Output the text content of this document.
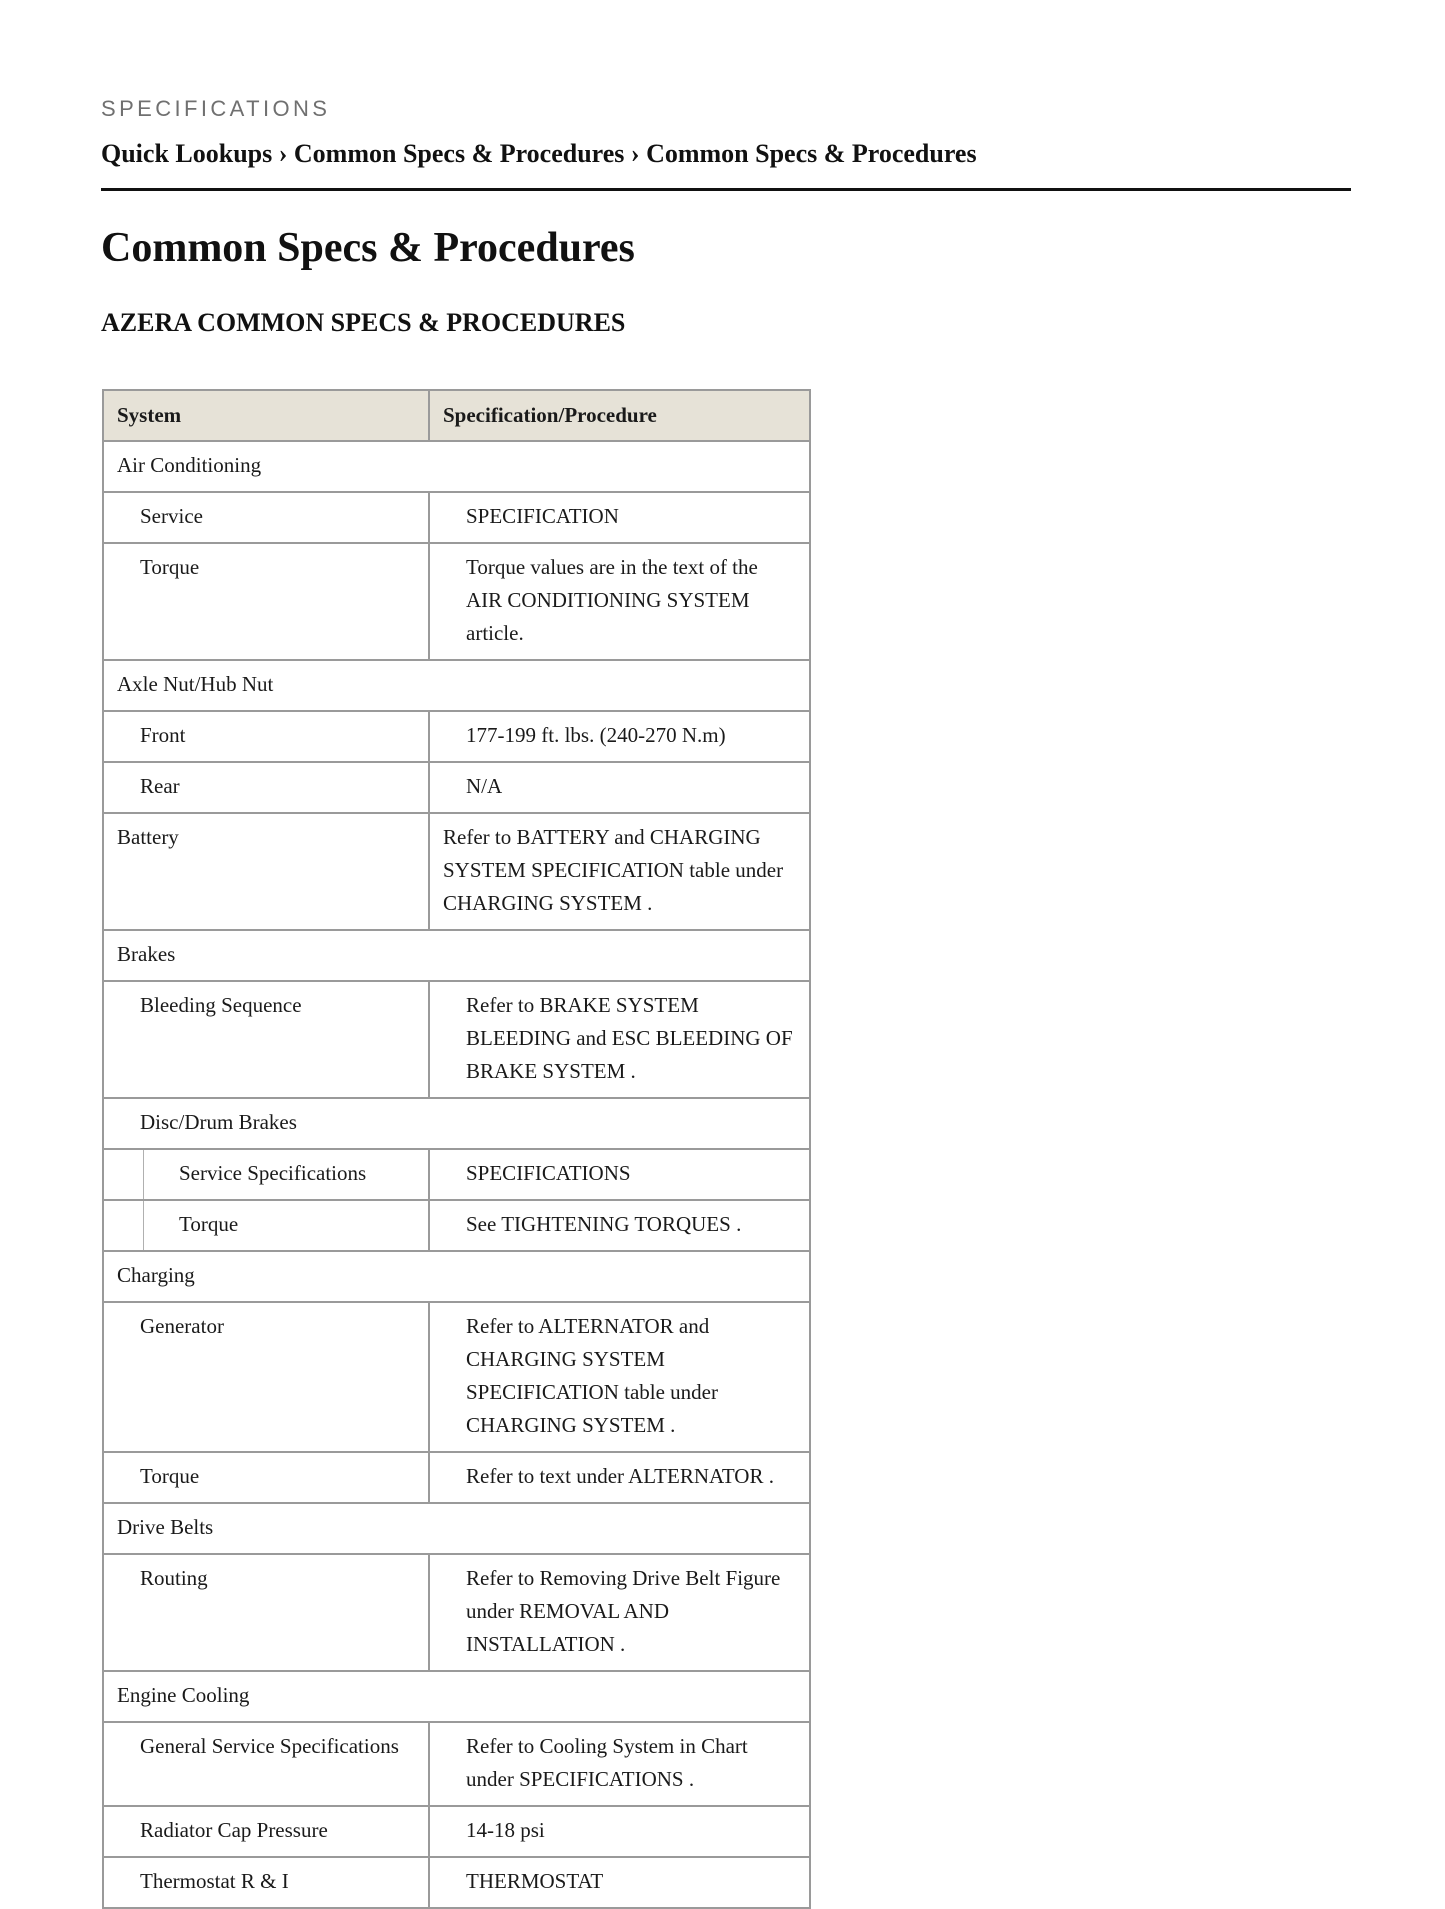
SPECIFICATIONS
Quick Lookups › Common Specs & Procedures › Common Specs & Procedures
Common Specs & Procedures
AZERA COMMON SPECS & PROCEDURES
System	Specification/Procedure
Air Conditioning	
Service	SPECIFICATION
Torque	Torque values are in the text of the AIR CONDITIONING SYSTEM article.
Axle Nut/Hub Nut	
Front	177-199 ft. lbs. (240-270 N.m)
Rear	N/A
Battery	Refer to BATTERY and CHARGING SYSTEM SPECIFICATION table under CHARGING SYSTEM .
Brakes	
Bleeding Sequence	Refer to BRAKE SYSTEM BLEEDING and ESC BLEEDING OF BRAKE SYSTEM .
Disc/Drum Brakes	

Service Specifications	SPECIFICATIONS

Torque	See TIGHTENING TORQUES .
Charging	
Generator	Refer to ALTERNATOR and CHARGING SYSTEM SPECIFICATION table under CHARGING SYSTEM .
Torque	Refer to text under ALTERNATOR .
Drive Belts	
Routing	Refer to Removing Drive Belt Figure under REMOVAL AND INSTALLATION .
Engine Cooling	
General Service Specifications	Refer to Cooling System in Chart under SPECIFICATIONS .
Radiator Cap Pressure	14-18 psi
Thermostat R & I	THERMOSTAT
